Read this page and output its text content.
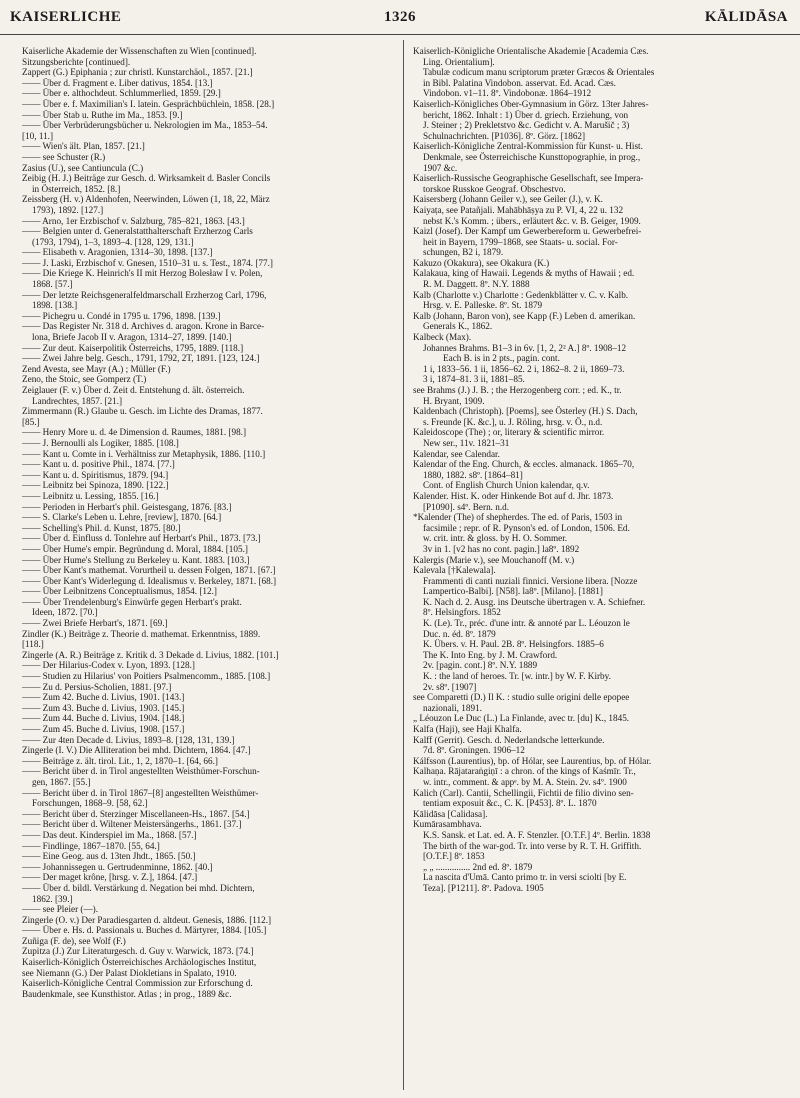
KAISERLICHE	1326	KĀLIDĀSA
Kaiserliche Akademie der Wissenschaften zu Wien [continued].
Sitzungsberichte [continued].
Zappert (G.) Epiphania ; zur christl. Kunstarchäol., 1857. [21.]
—— Über d. Fragment e. Liber dativus, 1854. [13.]
—— Über e. althochdeut. Schlummerlied, 1859. [29.]
—— Über e. f. Maximilian's I. latein. Gesprächbüchlein, 1858. [28.]
—— Über Stab u. Ruthe im Ma., 1853. [9.]
—— Über Verbrüderungsbücher u. Nekrologien im Ma., 1853–54.
[10, 11.]
—— Wien's ält. Plan, 1857. [21.]
—— see Schuster (R.)
Zasius (U.), see Cantiuncula (C.)
Zeibig (H. J.) Beiträge zur Gesch. d. Wirksamkeit d. Basler Concils
in Österreich, 1852. [8.]
Zeissberg (H. v.) Aldenhofen, Neerwinden, Löwen (1, 18, 22, März
1793), 1892. [127.]
—— Arno, 1er Erzbischof v. Salzburg, 785–821, 1863. [43.]
—— Belgien unter d. Generalstatthalterschaft Erzherzog Carls
(1793, 1794), 1–3, 1893–4. [128, 129, 131.]
—— Elisabeth v. Aragonien, 1314–30, 1898. [137.]
—— J. Laski, Erzbischof v. Gnesen, 1510–31 u. s. Test., 1874. [77.]
—— Die Kriege K. Heinrich's II mit Herzog Bolesław I v. Polen,
1868. [57.]
—— Der letzte Reichsgeneralfeldmarschall Erzherzog Carl, 1796,
1898. [138.]
—— Pichegru u. Condé in 1795 u. 1796, 1898. [139.]
—— Das Register Nr. 318 d. Archives d. aragon. Krone in Barce-
lona, Briefe Jacob II v. Aragon, 1314–27, 1899. [140.]
—— Zur deut. Kaiserpolitik Österreichs, 1795, 1889. [118.]
—— Zwei Jahre belg. Gesch., 1791, 1792, 2T, 1891. [123, 124.]
Zend Avesta, see Mayr (A.) ; Müller (F.)
Zeno, the Stoic, see Gomperz (T.)
Zeiglauer (F. v.) Über d. Zeit d. Entstehung d. ält. österreich.
Landrechtes, 1857. [21.]
Zimmermann (R.) Glaube u. Gesch. im Lichte des Dramas, 1877.
[85.]
—— Henry More u. d. 4e Dimension d. Raumes, 1881. [98.]
—— J. Bernoulli als Logiker, 1885. [108.]
—— Kant u. Comte in i. Verhältniss zur Metaphysik, 1886. [110.]
—— Kant u. d. positive Phil., 1874. [77.]
—— Kant u. d. Spiritismus, 1879. [94.]
—— Leibnitz bei Spinoza, 1890. [122.]
—— Leibnitz u. Lessing, 1855. [16.]
—— Perioden in Herbart's phil. Geistesgang, 1876. [83.]
—— S. Clarke's Leben u. Lehre, [review], 1870. [64.]
—— Schelling's Phil. d. Kunst, 1875. [80.]
—— Über d. Einfluss d. Tonlehre auf Herbart's Phil., 1873. [73.]
—— Über Hume's empir. Begründung d. Moral, 1884. [105.]
—— Über Hume's Stellung zu Berkeley u. Kant. 1883. [103.]
—— Über Kant's mathemat. Vorurtheil u. dessen Folgen, 1871. [67.]
—— Über Kant's Widerlegung d. Idealismus v. Berkeley, 1871. [68.]
—— Über Leibnitzens Conceptualismus, 1854. [12.]
—— Über Trendelenburg's Einwürfe gegen Herbart's prakt.
Ideen, 1872. [70.]
—— Zwei Briefe Herbart's, 1871. [69.]
Zindler (K.) Beiträge z. Theorie d. mathemat. Erkenntniss, 1889.
[118.]
Zingerle (A. R.) Beiträge z. Kritik d. 3 Dekade d. Livius, 1882. [101.]
—— Der Hilarius-Codex v. Lyon, 1893. [128.]
—— Studien zu Hilarius' von Poitiers Psalmencomm., 1885. [108.]
—— Zu d. Persius-Scholien, 1881. [97.]
—— Zum 42. Buche d. Livius, 1901. [143.]
—— Zum 43. Buche d. Livius, 1903. [145.]
—— Zum 44. Buche d. Livius, 1904. [148.]
—— Zum 45. Buche d. Livius, 1908. [157.]
—— Zur 4ten Decade d. Livius, 1893–8. [128, 131, 139.]
Zingerle (I. V.) Die Alliteration bei mhd. Dichtern, 1864. [47.]
—— Beiträge z. ält. tirol. Lit., 1, 2, 1870–1. [64, 66.]
—— Bericht über d. in Tirol angestellten Weisthümer-Forschun-
gen, 1867. [55.]
—— Bericht über d. in Tirol 1867–[8] angestellten Weisthümer-
Forschungen, 1868–9. [58, 62.]
—— Bericht über d. Sterzinger Miscellaneen-Hs., 1867. [54.]
—— Bericht über d. Wiltener Meistersängerhs., 1861. [37.]
—— Das deut. Kinderspiel im Ma., 1868. [57.]
—— Findlinge, 1867–1870. [55, 64.]
—— Eine Geog. aus d. 13ten Jhdt., 1865. [50.]
—— Johannissegen u. Gertrudenminne, 1862. [40.]
—— Der maget krône, [hrsg. v. Z.], 1864. [47.]
—— Über d. bildl. Verstärkung d. Negation bei mhd. Dichtern,
1862. [39.]
—— see Pleier (—).
Zingerle (O. v.) Der Paradiesgarten d. altdeut. Genesis, 1886. [112.]
—— Über e. Hs. d. Passionals u. Buches d. Märtyrer, 1884. [105.]
Zuñiga (F. de), see Wolf (F.)
Zupitza (J.) Zur Literaturgesch. d. Guy v. Warwick, 1873. [74.]
Kaiserlich-Königlich Österreichisches Archäologisches Institut,
see Niemann (G.) Der Palast Diokletians in Spalato, 1910.
Kaiserlich-Königliche Central Commission zur Erforschung d.
Baudenkmale, see Kunsthistor. Atlas ; in prog., 1889 &c.
Kaiserlich-Königliche Orientalische Akademie [Academia Cæs.
Ling. Orientalium].
Tabulæ codicum manu scriptorum præter Græcos & Orientales
in Bibl. Palatina Vindobon. asservat. Ed. Acad. Cæs.
Vindobon. v1–11. 8º. Vindobonæ. 1864–1912
Kaiserlich-Königliches Ober-Gymnasium in Görz. 13ter Jahres-
bericht, 1862. Inhalt : 1) Über d. griech. Erziehung, von
J. Steiner ; 2) Prekletstvo &c. Gedicht v. A. Marušič ; 3)
Schulnachrichten. [P1036]. 8º. Görz. [1862]
Kaiserlich-Königliche Zentral-Kommission für Kunst- u. Hist.
Denkmale, see Österreichische Kunsttopographie, in prog.,
1907 &c.
Kaiserlich-Russische Geographische Gesellschaft, see Impera-
torskoe Russkoe Geograf. Obschestvo.
Kaisersberg (Johann Geiler v.), see Geiler (J.), v. K.
Kaiyaṭa, see Patañjali. Mahābhāṣya zu P. VI, 4, 22 u. 132
nebst K.'s Komm. ; übers., erläutert &c. v. B. Geiger, 1909.
Kaizl (Josef). Der Kampf um Gewerbereform u. Gewerbefrei-
heit in Bayern, 1799–1868, see Staats- u. social. For-
schungen, B2 i, 1879.
Kakuzo (Okakura), see Okakura (K.)
Kalakaua, king of Hawaii. Legends & myths of Hawaii ; ed.
R. M. Daggett. 8º. N.Y. 1888
Kalb (Charlotte v.) Charlotte : Gedenkblätter v. C. v. Kalb.
Hrsg. v. E. Palleske. 8º. St. 1879
Kalb (Johann, Baron von), see Kapp (F.) Leben d. amerikan.
Generals K., 1862.
Kalbeck (Max).
Johannes Brahms. B1–3 in 6v. [1, 2, 2² A.] 8º. 1908–12
Each B. is in 2 pts., pagin. cont.
1 i, 1833–56. 1 ii, 1856–62. 2 i, 1862–8. 2 ii, 1869–73.
3 i, 1874–81. 3 ii, 1881–85.
see Brahms (J.) J. B. ; the Herzogenberg corr. ; ed. K., tr.
H. Bryant, 1909.
Kaldenbach (Christoph). [Poems], see Österley (H.) S. Dach,
s. Freunde [K. &c.], u. J. Röling, hrsg. v. Ö., n.d.
Kaleidoscope (The) ; or, literary & scientific mirror.
New ser., 11v. 1821–31
Kalendar, see Calendar.
Kalendar of the Eng. Church, & eccles. almanack. 1865–70,
1880, 1882. s8º. [1864–81]
Cont. of English Church Union kalendar, q.v.
Kalender. Hist. K. oder Hinkende Bot auf d. Jhr. 1873.
[P1090]. s4º. Bern. n.d.
*Kalender (The) of shepherdes. The ed. of Paris, 1503 in
facsimile ; repr. of R. Pynson's ed. of London, 1506. Ed.
w. crit. intr. & gloss. by H. O. Sommer.
3v in 1. [v2 has no cont. pagin.] la8º. 1892
Kalergis (Marie v.), see Mouchanoff (M. v.)
Kalevala [†Kalewala].
Frammenti di canti nuziali finnici. Versione libera. [Nozze
Lampertico-Balbi]. [N58]. la8º. [Milano]. [1881]
K. Nach d. 2. Ausg. ins Deutsche übertragen v. A. Schiefner.
8º. Helsingfors. 1852
K. (Le). Tr., préc. d'une intr. & annoté par L. Léouzon le
Duc. n. éd. 8º. 1879
K. Übers. v. H. Paul. 2B. 8º. Helsingfors. 1885–6
The K. Into Eng. by J. M. Crawford.
2v. [pagin. cont.] 8º. N.Y. 1889
K. : the land of heroes. Tr. [w. intr.] by W. F. Kirby.
2v. s8º. [1907]
see Comparetti (D.) Il K. : studio sulle origini delle epopee
nazionali, 1891.
„ Léouzon Le Duc (L.) La Finlande, avec tr. [du] K., 1845.
Kalfa (Haji), see Haji Khalfa.
Kalff (Gerrit). Gesch. d. Nederlandsche letterkunde.
7d. 8º. Groningen. 1906–12
Kálfsson (Laurentius), bp. of Hólar, see Laurentius, bp. of Hólar.
Kalhaṇa. Rājataraṅgiṇī : a chron. of the kings of Kaśmīr. Tr.,
w. intr., comment. & appᵉ. by M. A. Stein. 2v. s4º. 1900
Kalich (Carl). Cantii, Schellingii, Fichtii de filio divino sen-
tentiam exposuit &c., C. K. [P453]. 8º. L. 1870
Kālidāsa [Calidasa].
Kumārasambhava.
K.S. Sansk. et Lat. ed. A. F. Stenzler. [O.T.F.] 4º. Berlin. 1838
The birth of the war-god. Tr. into verse by R. T. H. Griffith.
[O.T.F.] 8º. 1853
„ „ ............... 2nd ed. 8º. 1879
La nascita d'Umā. Canto primo tr. in versi sciolti [by E.
Teza]. [P1211]. 8º. Padova. 1905
